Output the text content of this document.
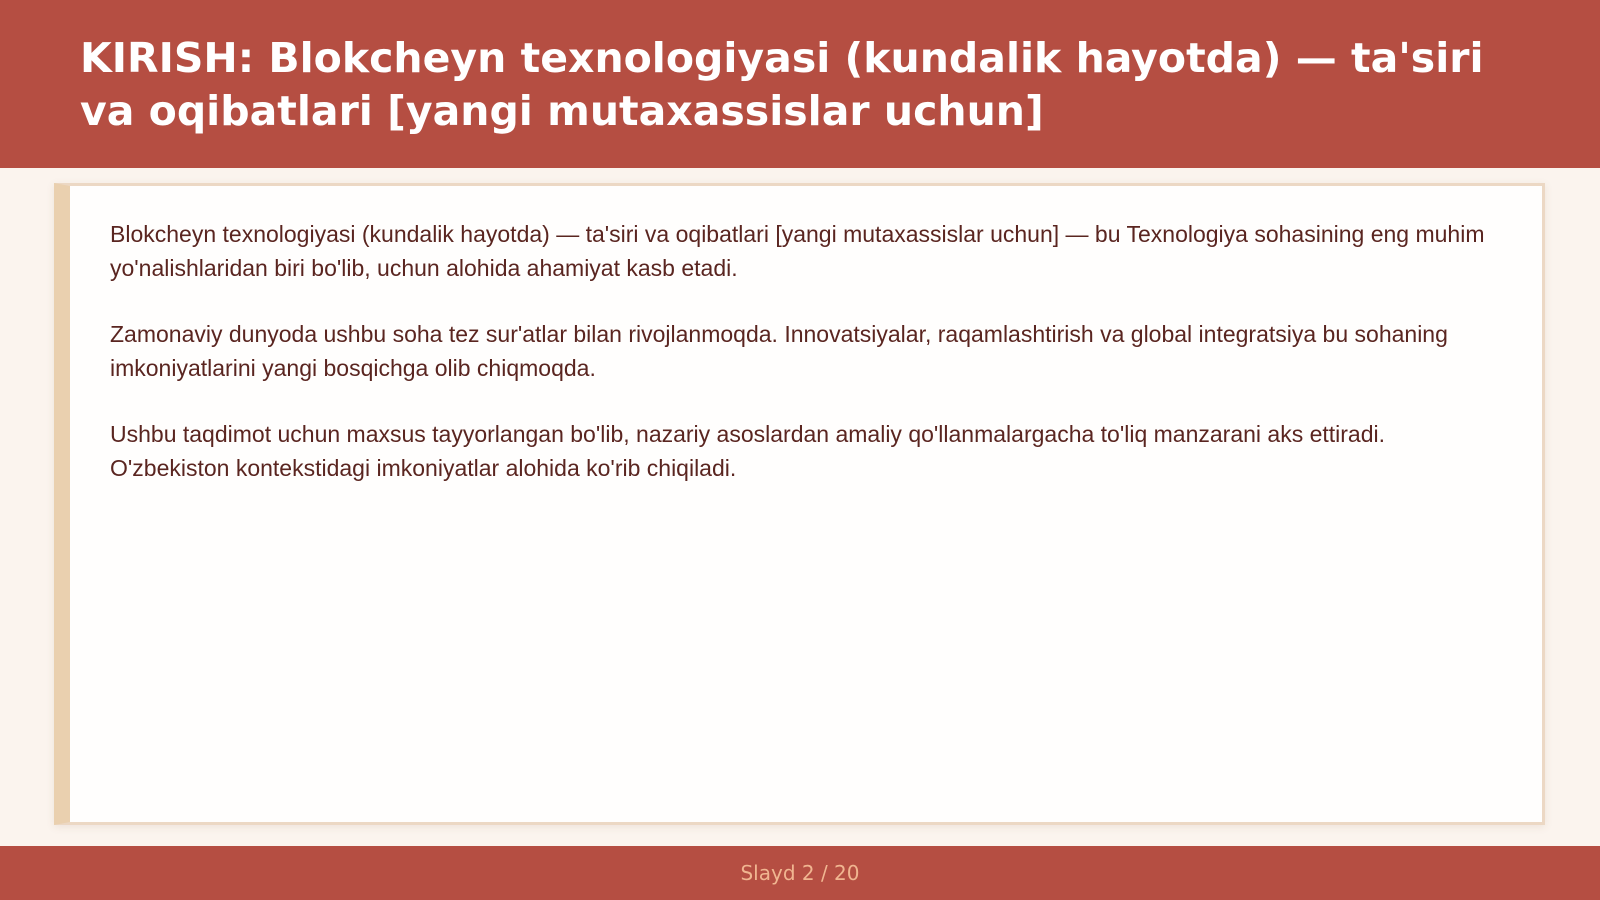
KIRISH: Blokcheyn texnologiyasi (kundalik hayotda) — ta'siri va oqibatlari [yangi mutaxassislar uchun]

Blokcheyn texnologiyasi (kundalik hayotda) — ta'siri va oqibatlari [yangi mutaxassislar uchun] — bu Texnologiya sohasining eng muhim yo'nalishlaridan biri bo'lib, uchun alohida ahamiyat kasb etadi.

Zamonaviy dunyoda ushbu soha tez sur'atlar bilan rivojlanmoqda. Innovatsiyalar, raqamlashtirish va global integratsiya bu sohaning imkoniyatlarini yangi bosqichga olib chiqmoqda.

Ushbu taqdimot uchun maxsus tayyorlangan bo'lib, nazariy asoslardan amaliy qo'llanmalargacha to'liq manzarani aks ettiradi. O'zbekiston kontekstidagi imkoniyatlar alohida ko'rib chiqiladi.

Slayd 2 / 20
